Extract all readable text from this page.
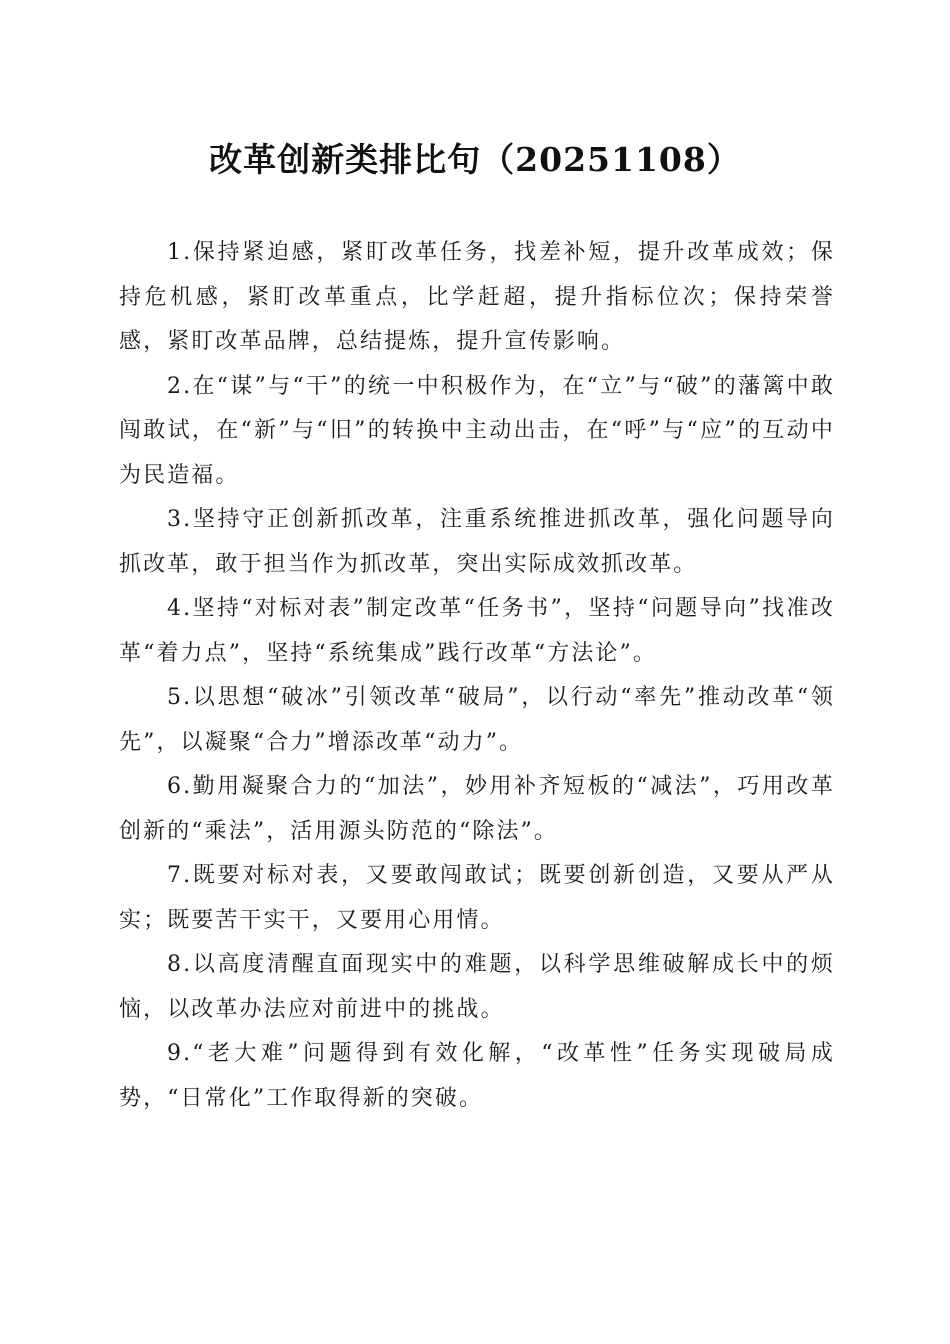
改革创新类排比句（20251108）

1.保持紧迫感，紧盯改革任务，找差补短，提升改革成效；保持危机感，紧盯改革重点，比学赶超，提升指标位次；保持荣誉感，紧盯改革品牌，总结提炼，提升宣传影响。

2.在“谋”与“干”的统一中积极作为，在“立”与“破”的藩篱中敢闯敢试，在“新”与“旧”的转换中主动出击，在“呼”与“应”的互动中为民造福。

3.坚持守正创新抓改革，注重系统推进抓改革，强化问题导向抓改革，敢于担当作为抓改革，突出实际成效抓改革。

4.坚持“对标对表”制定改革“任务书”，坚持“问题导向”找准改革“着力点”，坚持“系统集成”践行改革“方法论”。

5.以思想“破冰”引领改革“破局”，以行动“率先”推动改革“领先”，以凝聚“合力”增添改革“动力”。

6.勤用凝聚合力的“加法”，妙用补齐短板的“减法”，巧用改革创新的“乘法”，活用源头防范的“除法”。

7.既要对标对表，又要敢闯敢试；既要创新创造，又要从严从实；既要苦干实干，又要用心用情。

8.以高度清醒直面现实中的难题，以科学思维破解成长中的烦恼，以改革办法应对前进中的挑战。

9.“老大难”问题得到有效化解，“改革性”任务实现破局成势，“日常化”工作取得新的突破。
